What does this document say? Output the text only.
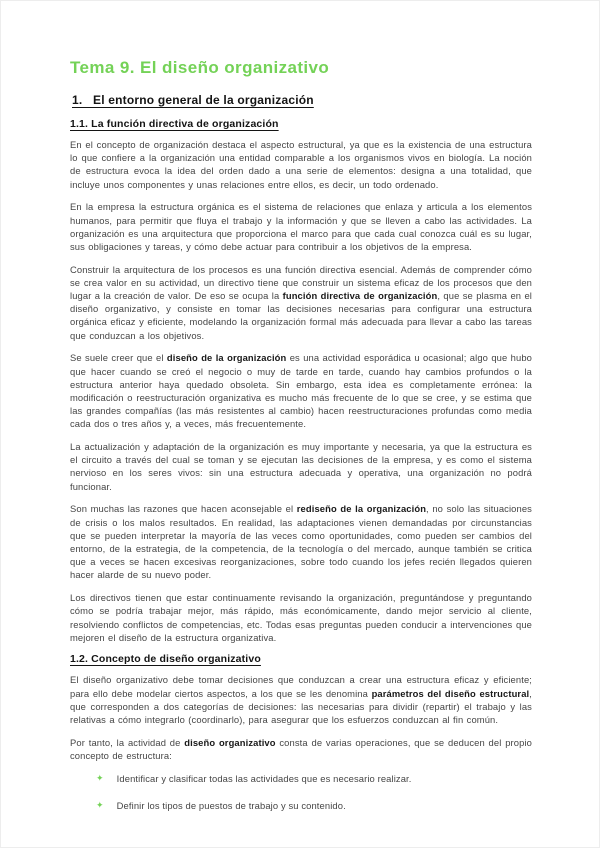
Tema 9. El diseño organizativo
1.   El entorno general de la organización
1.1. La función directiva de organización

En el concepto de organización destaca el aspecto estructural, ya que es la existencia de una estructura lo que confiere a la organización una entidad comparable a los organismos vivos en biología. La noción de estructura evoca la idea del orden dado a una serie de elementos: designa a una totalidad, que incluye unos componentes y unas relaciones entre ellos, es decir, un todo ordenado.

En la empresa la estructura orgánica es el sistema de relaciones que enlaza y articula a los elementos humanos, para permitir que fluya el trabajo y la información y que se lleven a cabo las actividades. La organización es una arquitectura que proporciona el marco para que cada cual conozca cuál es su lugar, sus obligaciones y tareas, y cómo debe actuar para contribuir a los objetivos de la empresa.

Construir la arquitectura de los procesos es una función directiva esencial. Además de comprender cómo se crea valor en su actividad, un directivo tiene que construir un sistema eficaz de los procesos que den lugar a la creación de valor. De eso se ocupa la función directiva de organización, que se plasma en el diseño organizativo, y consiste en tomar las decisiones necesarias para configurar una estructura orgánica eficaz y eficiente, modelando la organización formal más adecuada para llevar a cabo las tareas que conduzcan a los objetivos.

Se suele creer que el diseño de la organización es una actividad esporádica u ocasional; algo que hubo que hacer cuando se creó el negocio o muy de tarde en tarde, cuando hay cambios profundos o la estructura anterior haya quedado obsoleta. Sin embargo, esta idea es completamente errónea: la modificación o reestructuración organizativa es mucho más frecuente de lo que se cree, y se estima que las grandes compañías (las más resistentes al cambio) hacen reestructuraciones profundas como media cada dos o tres años y, a veces, más frecuentemente.

La actualización y adaptación de la organización es muy importante y necesaria, ya que la estructura es el circuito a través del cual se toman y se ejecutan las decisiones de la empresa, y es como el sistema nervioso en los seres vivos: sin una estructura adecuada y operativa, una organización no podrá funcionar.

Son muchas las razones que hacen aconsejable el rediseño de la organización, no solo las situaciones de crisis o los malos resultados. En realidad, las adaptaciones vienen demandadas por circunstancias que se pueden interpretar la mayoría de las veces como oportunidades, como pueden ser cambios del entorno, de la estrategia, de la competencia, de la tecnología o del mercado, aunque también se critica que a veces se hacen excesivas reorganizaciones, sobre todo cuando los jefes recién llegados quieren hacer alarde de su nuevo poder.

Los directivos tienen que estar continuamente revisando la organización, preguntándose y preguntando cómo se podría trabajar mejor, más rápido, más económicamente, dando mejor servicio al cliente, resolviendo conflictos de competencias, etc. Todas esas preguntas pueden conducir a intervenciones que mejoren el diseño de la estructura organizativa.

1.2. Concepto de diseño organizativo

El diseño organizativo debe tomar decisiones que conduzcan a crear una estructura eficaz y eficiente; para ello debe modelar ciertos aspectos, a los que se les denomina parámetros del diseño estructural, que corresponden a dos categorías de decisiones: las necesarias para dividir (repartir) el trabajo y las relativas a cómo integrarlo (coordinarlo), para asegurar que los esfuerzos conduzcan al fin común.

Por tanto, la actividad de diseño organizativo consta de varias operaciones, que se deducen del propio concepto de estructura:

✦ Identificar y clasificar todas las actividades que es necesario realizar.
✦ Definir los tipos de puestos de trabajo y su contenido.
